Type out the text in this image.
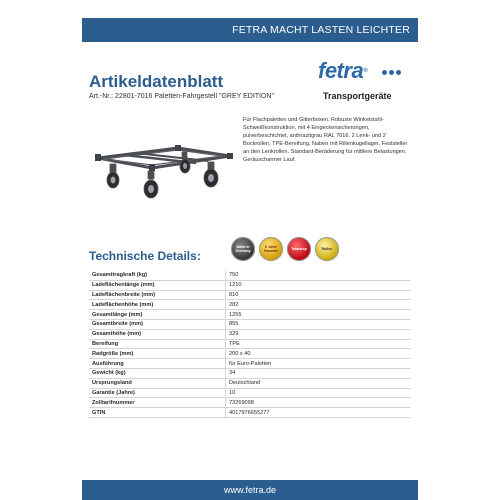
FETRA MACHT LASTEN LEICHTER
Artikeldatenblatt
Art.-Nr.: 22801-7016 Paletten-Fahrgestell "GREY EDITION"
fetra®
Transportgeräte
Für Flachpaletten und Gitterboxen. Robuste Winkelstahl-Schweißkonstruktion, mit 4 Eingeckensicherungen, pulverbeschichtet, anthrazitgrau RAL 7016. 2 Lenk- und 2 Bockrollen, TPE-Bereifung, Naben mit Rillenkugellager, Feststeller an den Lenkrollen. Standard-Beräderung für mittlere Belastungen. Geräuscharmer Lauf.
Technische Details:
Made in Germany
5 Jahre Garantie	Totalstop	Rollen
Gesamttragkraft (kg)	750
Ladeflächenlänge (mm)	1210
Ladeflächenbreite (mm)	810
Ladeflächenhöhe (mm)	282
Gesamtlänge (mm)	1255
Gesamtbreite (mm)	855
Gesamthöhe (mm)	329
Bereifung	TPE
Radgröße (mm)	200 x 40
Ausführung	für Euro-Paletten
Gewicht (kg)	34
Ursprungsland	Deutschland
Garantie (Jahre)	10
Zolltarifnummer	73269098
GTIN	4017976655277
www.fetra.de
